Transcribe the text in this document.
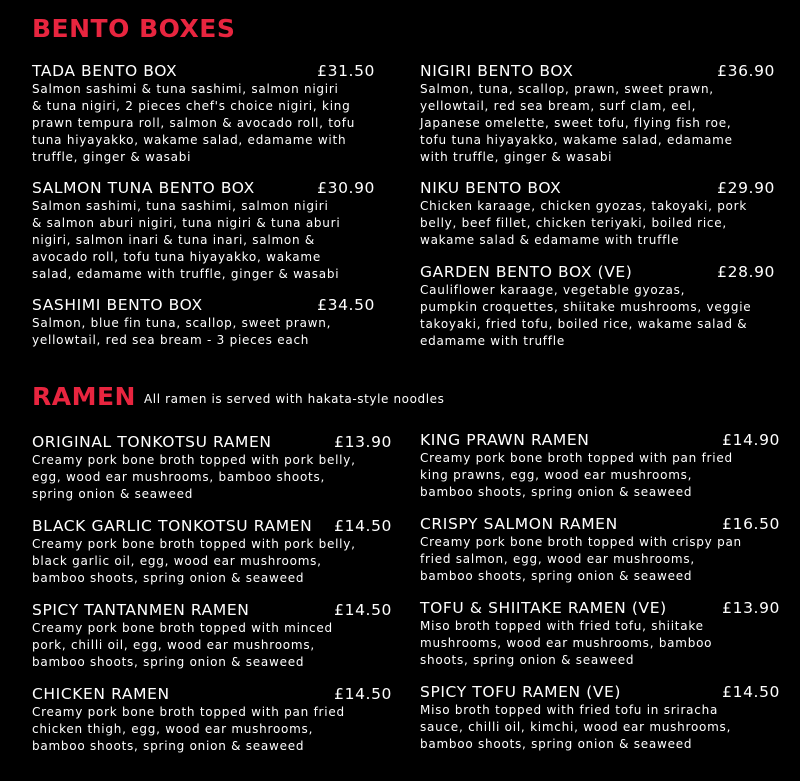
BENTO BOXES
TADA BENTO BOX	£31.50

Salmon sashimi & tuna sashimi, salmon nigiri
& tuna nigiri, 2 pieces chef's choice nigiri, king
prawn tempura roll, salmon & avocado roll, tofu
tuna hiyayakko, wakame salad, edamame with
truffle, ginger & wasabi

SALMON TUNA BENTO BOX	£30.90

Salmon sashimi, tuna sashimi, salmon nigiri
& salmon aburi nigiri, tuna nigiri & tuna aburi
nigiri, salmon inari & tuna inari, salmon &
avocado roll, tofu tuna hiyayakko, wakame
salad, edamame with truffle, ginger & wasabi

SASHIMI BENTO BOX	£34.50

Salmon, blue fin tuna, scallop, sweet prawn,
yellowtail, red sea bream - 3 pieces each

NIGIRI BENTO BOX	£36.90

Salmon, tuna, scallop, prawn, sweet prawn,
yellowtail, red sea bream, surf clam, eel,
Japanese omelette, sweet tofu, flying fish roe,
tofu tuna hiyayakko, wakame salad, edamame
with truffle, ginger & wasabi

NIKU BENTO BOX	£29.90

Chicken karaage, chicken gyozas, takoyaki, pork
belly, beef fillet, chicken teriyaki, boiled rice,
wakame salad & edamame with truffle

GARDEN BENTO BOX (VE)	£28.90

Cauliflower karaage, vegetable gyozas,
pumpkin croquettes, shiitake mushrooms, veggie
takoyaki, fried tofu, boiled rice, wakame salad &
edamame with truffle

RAMEN All ramen is served with hakata-style noodles
ORIGINAL TONKOTSU RAMEN	£13.90

Creamy pork bone broth topped with pork belly,
egg, wood ear mushrooms, bamboo shoots,
spring onion & seaweed

BLACK GARLIC TONKOTSU RAMEN	£14.50

Creamy pork bone broth topped with pork belly,
black garlic oil, egg, wood ear mushrooms,
bamboo shoots, spring onion & seaweed

SPICY TANTANMEN RAMEN	£14.50

Creamy pork bone broth topped with minced
pork, chilli oil, egg, wood ear mushrooms,
bamboo shoots, spring onion & seaweed

CHICKEN RAMEN	£14.50

Creamy pork bone broth topped with pan fried
chicken thigh, egg, wood ear mushrooms,
bamboo shoots, spring onion & seaweed

KING PRAWN RAMEN	£14.90

Creamy pork bone broth topped with pan fried
king prawns, egg, wood ear mushrooms,
bamboo shoots, spring onion & seaweed

CRISPY SALMON RAMEN	£16.50

Creamy pork bone broth topped with crispy pan
fried salmon, egg, wood ear mushrooms,
bamboo shoots, spring onion & seaweed

TOFU & SHIITAKE RAMEN (VE)	£13.90

Miso broth topped with fried tofu, shiitake
mushrooms, wood ear mushrooms, bamboo
shoots, spring onion & seaweed

SPICY TOFU RAMEN (VE)	£14.50

Miso broth topped with fried tofu in sriracha
sauce, chilli oil, kimchi, wood ear mushrooms,
bamboo shoots, spring onion & seaweed
